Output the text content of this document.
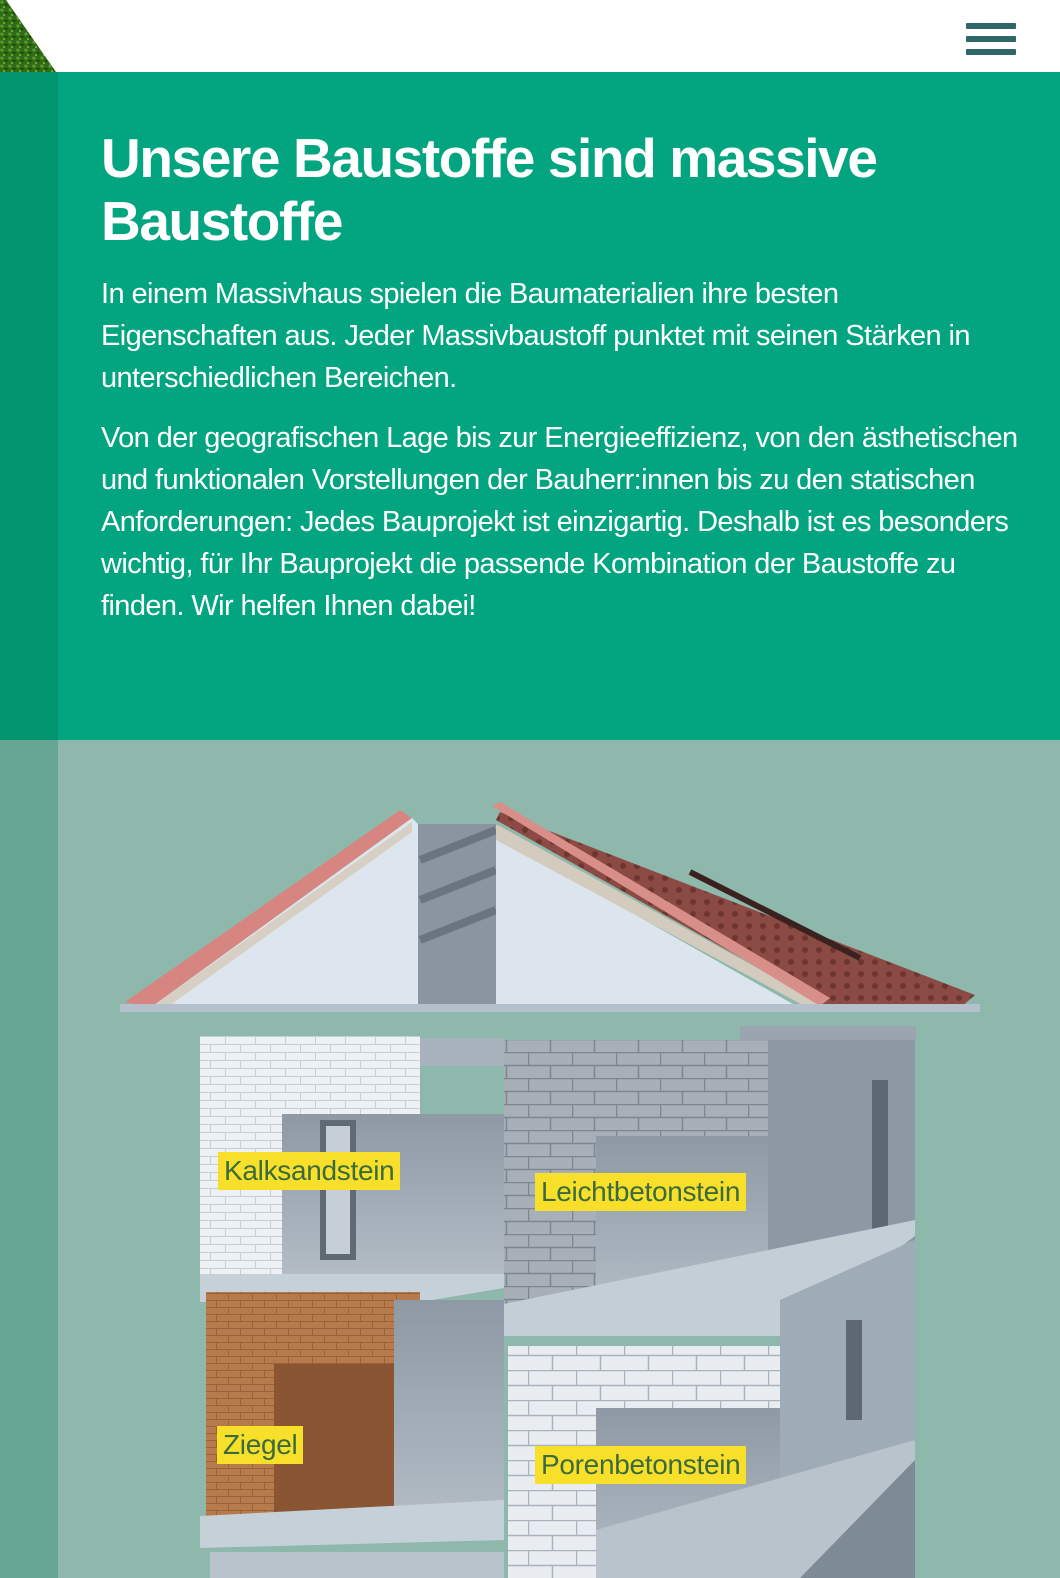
Unsere Baustoffe sind massive Baustoffe

In einem Massivhaus spielen die Baumaterialien ihre besten Eigenschaften aus. Jeder Massivbaustoff punktet mit seinen Stärken in unterschiedlichen Bereichen.

Von der geografischen Lage bis zur Energieeffizienz, von den ästhetischen und funktionalen Vorstellungen der Bauherr:innen bis zu den statischen Anforderungen: Jedes Bauprojekt ist einzigartig. Deshalb ist es besonders wichtig, für Ihr Bauprojekt die passende Kombination der Baustoffe zu finden. Wir helfen Ihnen dabei!

Kalksandstein
Leichtbetonstein
Ziegel
Porenbetonstein
